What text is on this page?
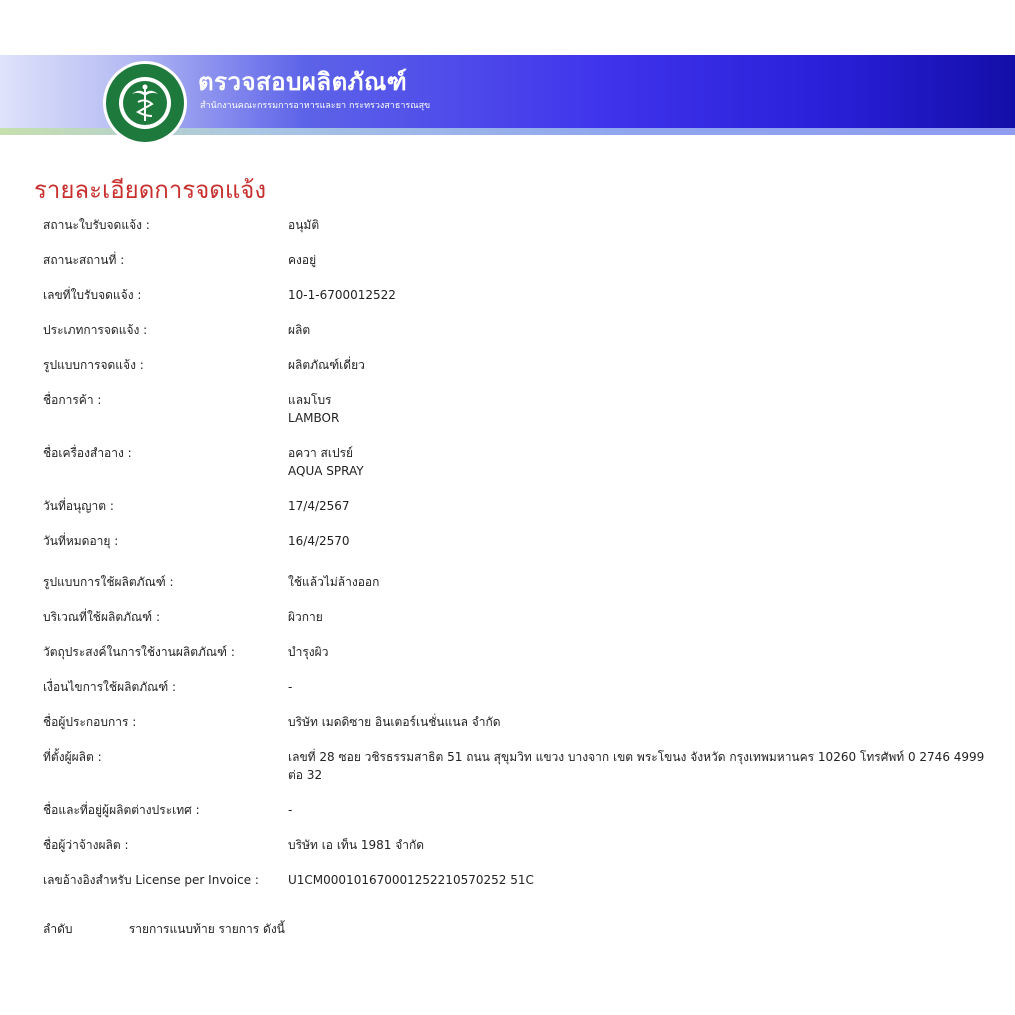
ตรวจสอบผลิตภัณฑ์
สำนักงานคณะกรรมการอาหารและยา กระทรวงสาธารณสุข
รายละเอียดการจดแจ้ง
สถานะใบรับจดแจ้ง :	อนุมัติ
สถานะสถานที่ :	คงอยู่
เลขที่ใบรับจดแจ้ง :	10-1-6700012522
ประเภทการจดแจ้ง :	ผลิต
รูปแบบการจดแจ้ง :	ผลิตภัณฑ์เดี่ยว
ชื่อการค้า :	แลมโบร
LAMBOR
ชื่อเครื่องสำอาง :	อควา สเปรย์
AQUA SPRAY
วันที่อนุญาต :	17/4/2567
วันที่หมดอายุ :	16/4/2570
รูปแบบการใช้ผลิตภัณฑ์ :	ใช้แล้วไม่ล้างออก
บริเวณที่ใช้ผลิตภัณฑ์ :	ผิวกาย
วัตถุประสงค์ในการใช้งานผลิตภัณฑ์ :	บำรุงผิว
เงื่อนไขการใช้ผลิตภัณฑ์ :	-
ชื่อผู้ประกอบการ :	บริษัท เมดดิซาย อินเตอร์เนชั่นแนล จำกัด
ที่ตั้งผู้ผลิต :	เลขที่ 28 ซอย วชิรธรรมสาธิต 51 ถนน สุขุมวิท แขวง บางจาก เขต พระโขนง จังหวัด กรุงเทพมหานคร 10260 โทรศัพท์ 0 2746 4999 ต่อ 32
ชื่อและที่อยู่ผู้ผลิตต่างประเทศ :	-
ชื่อผู้ว่าจ้างผลิต :	บริษัท เอ เท็น 1981 จำกัด
เลขอ้างอิงสำหรับ License per Invoice :	U1CM000101670001252210570252 51C
ลำดับ	รายการแนบท้าย รายการ ดังนี้
